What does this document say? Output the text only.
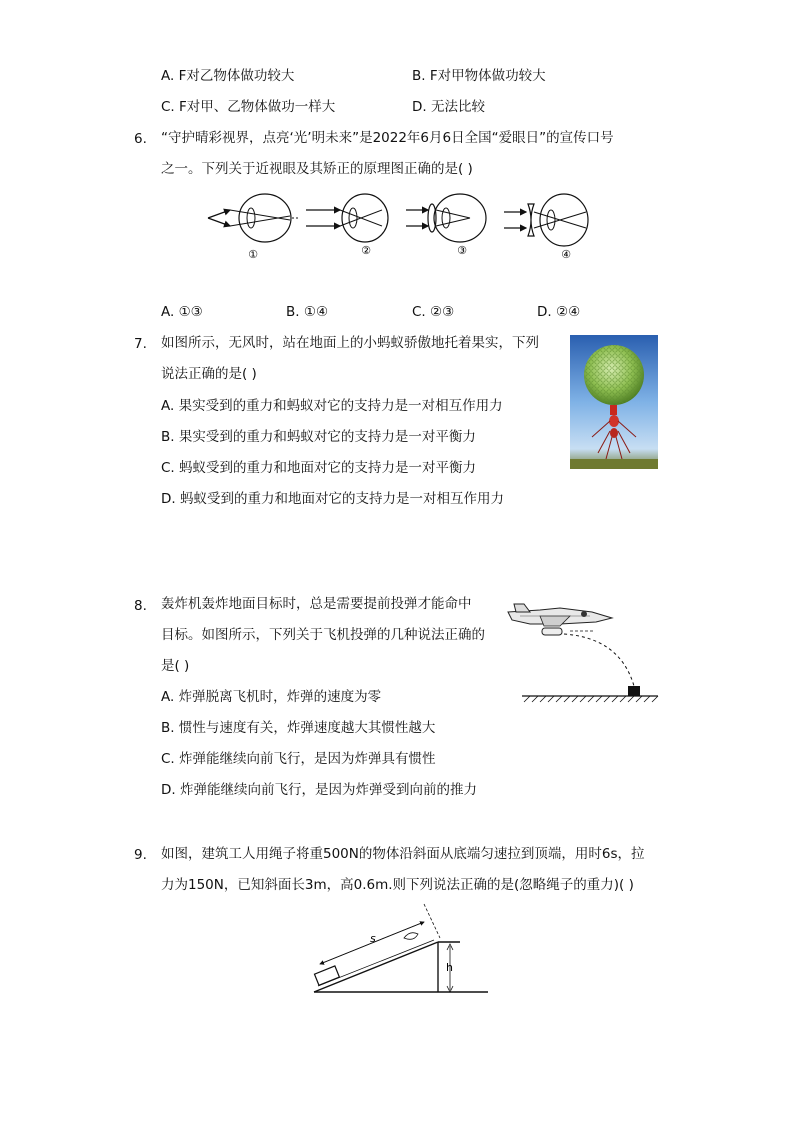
A. F对乙物体做功较大	B. F对甲物体做功较大
C. F对甲、乙物体做功一样大	D. 无法比较
6. “守护晴彩视界，点亮‘光’明未来”是2022年6月6日全国“爱眼日”的宣传口号
之一。下列关于近视眼及其矫正的原理图正确的是( )
①	②	③	④
A. ①③	B. ①④	C. ②③	D. ②④
7. 如图所示，无风时，站在地面上的小蚂蚁骄傲地托着果实，下列
说法正确的是( )
A. 果实受到的重力和蚂蚁对它的支持力是一对相互作用力
B. 果实受到的重力和蚂蚁对它的支持力是一对平衡力
C. 蚂蚁受到的重力和地面对它的支持力是一对平衡力
D. 蚂蚁受到的重力和地面对它的支持力是一对相互作用力
8. 轰炸机轰炸地面目标时，总是需要提前投弹才能命中
目标。如图所示，下列关于飞机投弹的几种说法正确的
是( )
A. 炸弹脱离飞机时，炸弹的速度为零
B. 惯性与速度有关，炸弹速度越大其惯性越大
C. 炸弹能继续向前飞行，是因为炸弹具有惯性
D. 炸弹能继续向前飞行，是因为炸弹受到向前的推力
9. 如图，建筑工人用绳子将重500N的物体沿斜面从底端匀速拉到顶端，用时6s，拉
力为150N，已知斜面长3m，高0.6m.则下列说法正确的是(忽略绳子的重力)( )
s
h
